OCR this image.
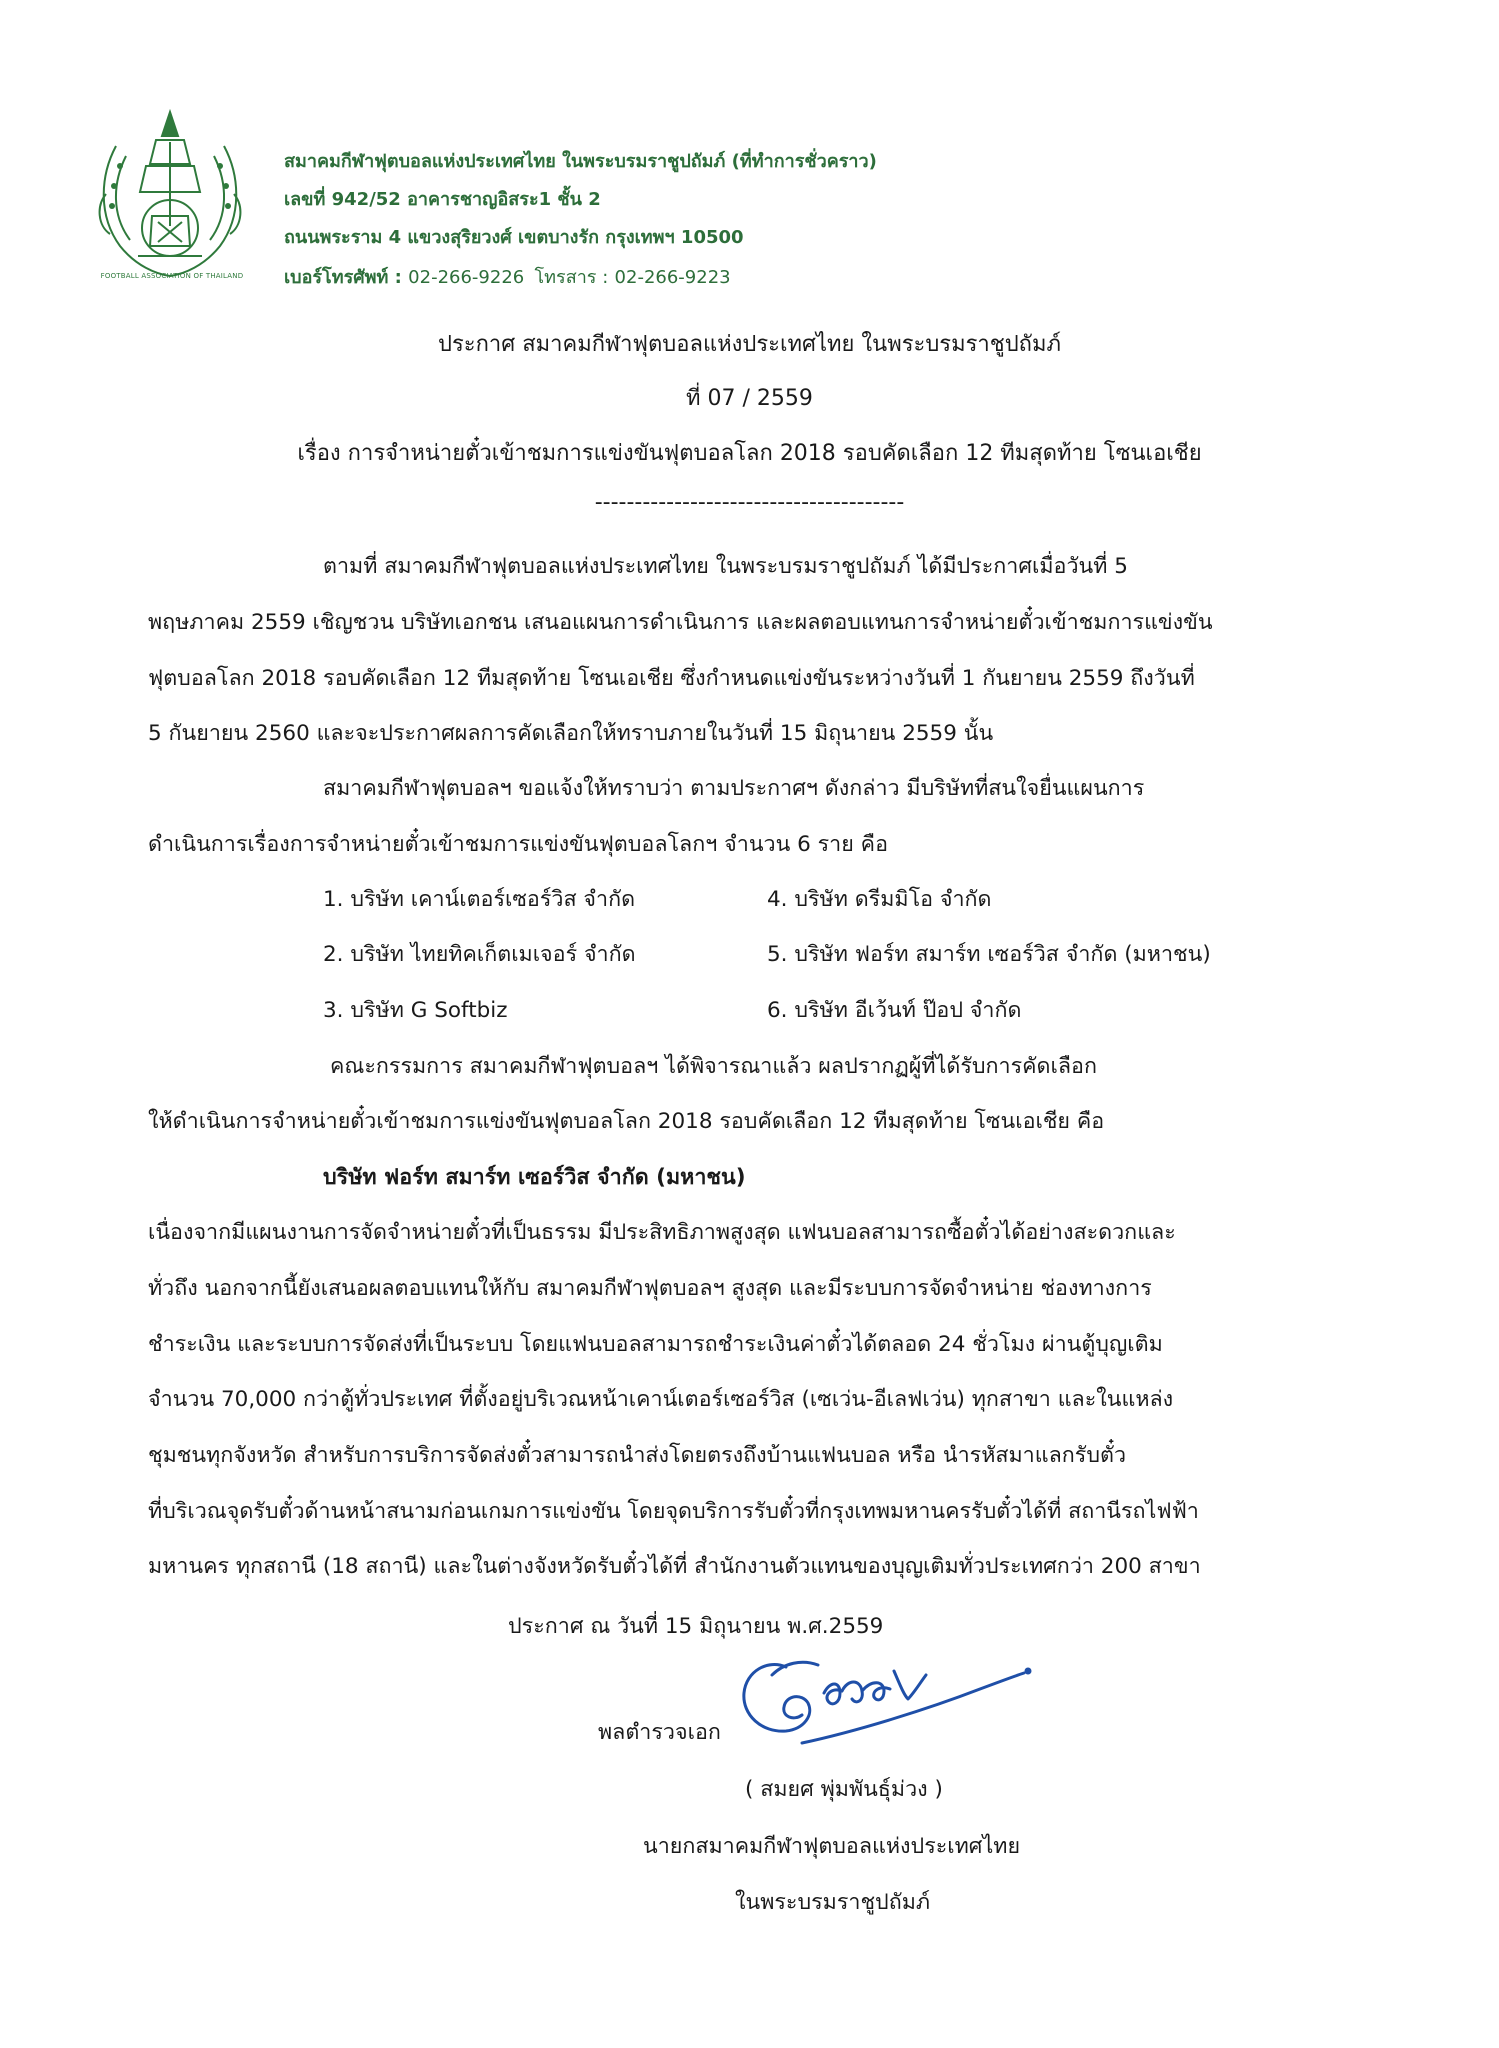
FOOTBALL ASSOCIATION OF THAILAND
สมาคมกีฬาฟุตบอลแห่งประเทศไทย ในพระบรมราชูปถัมภ์ (ที่ทำการชั่วคราว)
เลขที่ 942/52 อาคารชาญอิสระ1 ชั้น 2
ถนนพระราม 4 แขวงสุริยวงศ์ เขตบางรัก กรุงเทพฯ 10500
เบอร์โทรศัพท์ : 02-266-9226 โทรสาร : 02-266-9223
ประกาศ สมาคมกีฬาฟุตบอลแห่งประเทศไทย ในพระบรมราชูปถัมภ์
ที่ 07 / 2559
เรื่อง การจำหน่ายตั๋วเข้าชมการแข่งขันฟุตบอลโลก 2018 รอบคัดเลือก 12 ทีมสุดท้าย โซนเอเชีย
---------------------------------------
ตามที่ สมาคมกีฬาฟุตบอลแห่งประเทศไทย ในพระบรมราชูปถัมภ์ ได้มีประกาศเมื่อวันที่ 5
พฤษภาคม 2559 เชิญชวน บริษัทเอกชน เสนอแผนการดำเนินการ และผลตอบแทนการจำหน่ายตั๋วเข้าชมการแข่งขัน
ฟุตบอลโลก 2018 รอบคัดเลือก 12 ทีมสุดท้าย โซนเอเชีย ซึ่งกำหนดแข่งขันระหว่างวันที่ 1 กันยายน 2559 ถึงวันที่
5 กันยายน 2560 และจะประกาศผลการคัดเลือกให้ทราบภายในวันที่ 15 มิถุนายน 2559 นั้น
สมาคมกีฬาฟุตบอลฯ ขอแจ้งให้ทราบว่า ตามประกาศฯ ดังกล่าว มีบริษัทที่สนใจยื่นแผนการ
ดำเนินการเรื่องการจำหน่ายตั๋วเข้าชมการแข่งขันฟุตบอลโลกฯ จำนวน 6 ราย คือ
1. บริษัท เคาน์เตอร์เซอร์วิส จำกัด
2. บริษัท ไทยทิคเก็ตเมเจอร์ จำกัด
3. บริษัท G Softbiz
4. บริษัท ดรีมมิโอ จำกัด
5. บริษัท ฟอร์ท สมาร์ท เซอร์วิส จำกัด (มหาชน)
6. บริษัท อีเว้นท์ ป๊อป จำกัด
คณะกรรมการ สมาคมกีฬาฟุตบอลฯ ได้พิจารณาแล้ว ผลปรากฏผู้ที่ได้รับการคัดเลือก
ให้ดำเนินการจำหน่ายตั๋วเข้าชมการแข่งขันฟุตบอลโลก 2018 รอบคัดเลือก 12 ทีมสุดท้าย โซนเอเชีย คือ
บริษัท ฟอร์ท สมาร์ท เซอร์วิส จำกัด (มหาชน)
เนื่องจากมีแผนงานการจัดจำหน่ายตั๋วที่เป็นธรรม มีประสิทธิภาพสูงสุด แฟนบอลสามารถซื้อตั๋วได้อย่างสะดวกและ
ทั่วถึง นอกจากนี้ยังเสนอผลตอบแทนให้กับ สมาคมกีฬาฟุตบอลฯ สูงสุด และมีระบบการจัดจำหน่าย ช่องทางการ
ชำระเงิน และระบบการจัดส่งที่เป็นระบบ โดยแฟนบอลสามารถชำระเงินค่าตั๋วได้ตลอด 24 ชั่วโมง ผ่านตู้บุญเติม
จำนวน 70,000 กว่าตู้ทั่วประเทศ ที่ตั้งอยู่บริเวณหน้าเคาน์เตอร์เซอร์วิส (เซเว่น-อีเลฟเว่น) ทุกสาขา และในแหล่ง
ชุมชนทุกจังหวัด สำหรับการบริการจัดส่งตั๋วสามารถนำส่งโดยตรงถึงบ้านแฟนบอล หรือ นำรหัสมาแลกรับตั๋ว
ที่บริเวณจุดรับตั๋วด้านหน้าสนามก่อนเกมการแข่งขัน โดยจุดบริการรับตั๋วที่กรุงเทพมหานครรับตั๋วได้ที่ สถานีรถไฟฟ้า
มหานคร ทุกสถานี (18 สถานี) และในต่างจังหวัดรับตั๋วได้ที่ สำนักงานตัวแทนของบุญเติมทั่วประเทศกว่า 200 สาขา
ประกาศ ณ วันที่ 15 มิถุนายน พ.ศ.2559
พลตำรวจเอก
( สมยศ พุ่มพันธุ์ม่วง )
นายกสมาคมกีฬาฟุตบอลแห่งประเทศไทย
ในพระบรมราชูปถัมภ์
